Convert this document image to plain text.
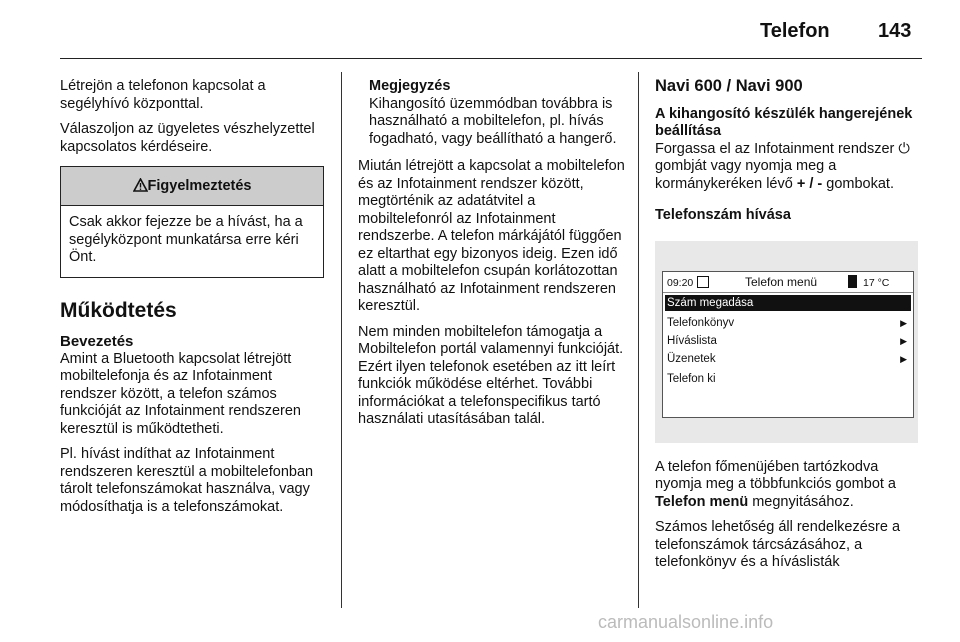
Telefon 143

Létrejön a telefonon kapcsolat a segélyhívó központtal.

Válaszoljon az ügyeletes vészhelyzettel kapcsolatos kérdéseire.

Figyelmeztetés
Csak akkor fejezze be a hívást, ha a segélyközpont munkatársa erre kéri Önt.
Működtetés
Bevezetés

Amint a Bluetooth kapcsolat létrejött mobiltelefonja és az Infotainment rendszer között, a telefon számos funkcióját az Infotainment rendszeren keresztül is működtetheti.

Pl. hívást indíthat az Infotainment rendszeren keresztül a mobiltelefonban tárolt telefonszámokat használva, vagy módosíthatja is a telefonszámokat.

Megjegyzés
Kihangosító üzemmódban továbbra is használható a mobiltelefon, pl. hívás fogadható, vagy beállítható a hangerő.

Miután létrejött a kapcsolat a mobiltelefon és az Infotainment rendszer között, megtörténik az adatátvitel a mobiltelefonról az Infotainment rendszerbe. A telefon márkájától függően ez eltarthat egy bizonyos ideig. Ezen idő alatt a mobiltelefon csupán korlátozottan használható az Infotainment rendszeren keresztül.

Nem minden mobiltelefon támogatja a Mobiltelefon portál valamennyi funkcióját. Ezért ilyen telefonok esetében az itt leírt funkciók működése eltérhet. További információkat a telefonspecifikus tartó használati utasításában talál.

Navi 600 / Navi 900
A kihangosító készülék hangerejének beállítása

Forgassa el az Infotainment rendszer ⏻ gombját vagy nyomja meg a kormánykeréken lévő + / - gombokat.

Telefonszám hívása
09:20	Telefon menü	17 °C
Szám megadása
Telefonkönyv	▶
Híváslista	▶
Üzenetek	▶
Telefon ki

A telefon főmenüjében tartózkodva nyomja meg a többfunkciós gombot a Telefon menü megnyitásához.

Számos lehetőség áll rendelkezésre a telefonszámok tárcsázásához, a telefonkönyv és a híváslisták

carmanualsonline.info
